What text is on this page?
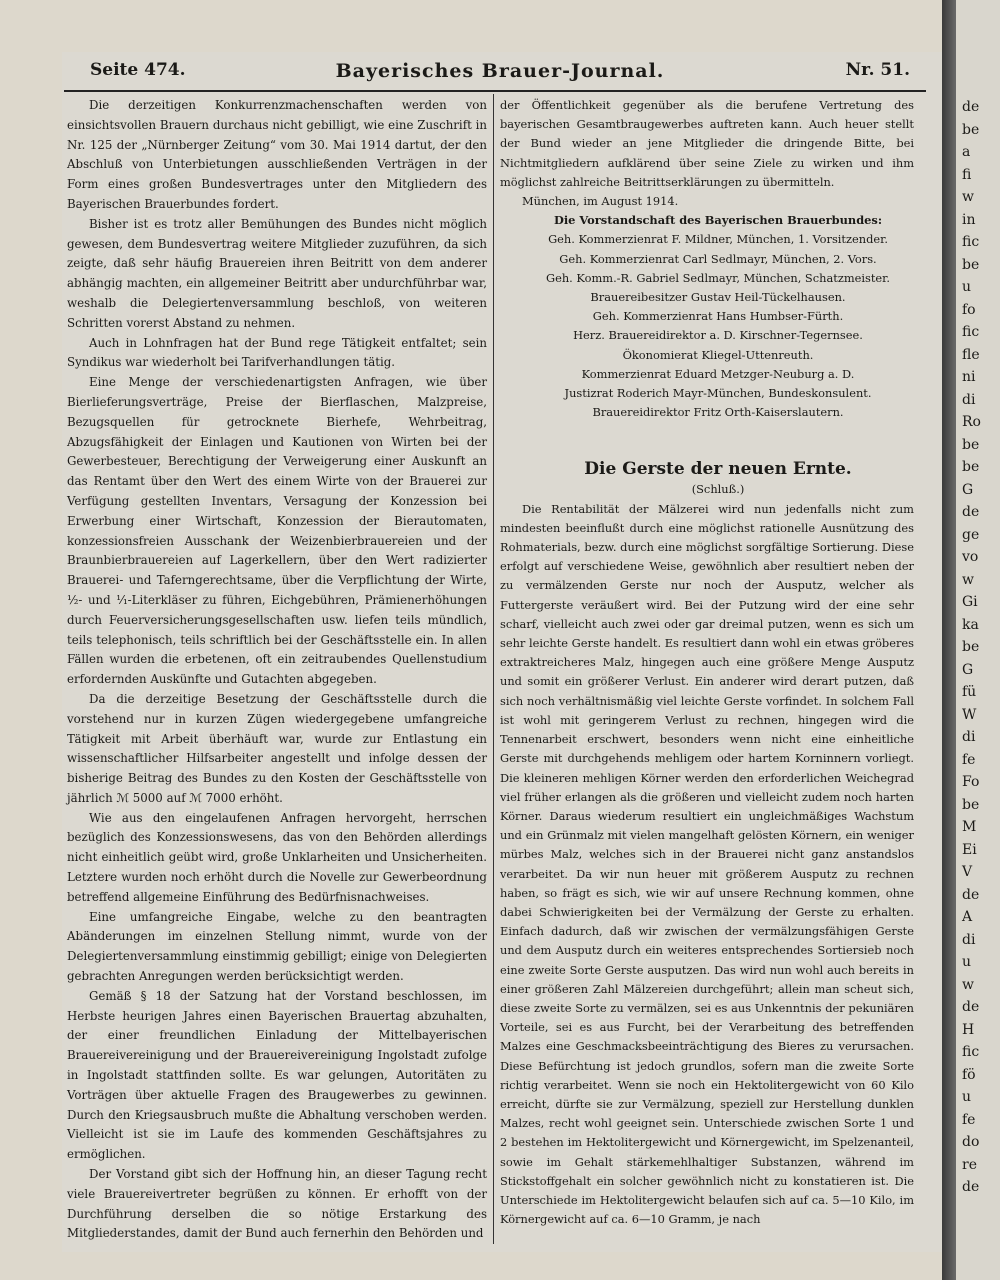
de
be
a
fi
w
in
fic
be
u
fo
fic
fle
ni
di
Ro
be
be
G
de
ge
vo
w
Gi
ka
be
G
fü
W
di
fe
Fo
be
M
Ei
V
de
A
di
u
w
de
H
fic
fö
u
fe
do
re
de
Bayerisches Brauer-Journal.
Seite 474.	Nr. 51.

Die derzeitigen Konkurrenzmachenschaften werden von einsichtsvollen Brauern durchaus nicht gebilligt, wie eine Zuschrift in Nr. 125 der „Nürnberger Zeitung“ vom 30. Mai 1914 dartut, der den Abschluß von Unterbietungen ausschließenden Verträgen in der Form eines großen Bundesvertrages unter den Mitgliedern des Bayerischen Brauerbundes fordert.

Bisher ist es trotz aller Bemühungen des Bundes nicht möglich gewesen, dem Bundesvertrag weitere Mitglieder zuzuführen, da sich zeigte, daß sehr häufig Brauereien ihren Beitritt von dem anderer abhängig machten, ein allgemeiner Beitritt aber undurchführbar war, weshalb die Delegiertenversammlung beschloß, von weiteren Schritten vorerst Abstand zu nehmen.

Auch in Lohnfragen hat der Bund rege Tätigkeit entfaltet; sein Syndikus war wiederholt bei Tarifverhandlungen tätig.

Eine Menge der verschiedenartigsten Anfragen, wie über Bierlieferungsverträge, Preise der Bierflaschen, Malzpreise, Bezugsquellen für getrocknete Bierhefe, Wehrbeitrag, Abzugsfähigkeit der Einlagen und Kautionen von Wirten bei der Gewerbesteuer, Berechtigung der Verweigerung einer Auskunft an das Rentamt über den Wert des einem Wirte von der Brauerei zur Verfügung gestellten Inventars, Versagung der Konzession bei Erwerbung einer Wirtschaft, Konzession der Bierautomaten, konzessionsfreien Ausschank der Weizenbierbrauereien und der Braunbierbrauereien auf Lagerkellern, über den Wert radizierter Brauerei- und Taferngerechtsame, über die Verpflichtung der Wirte, ½- und ⅟₁-Literkläser zu führen, Eichgebühren, Prämienerhöhungen durch Feuerversicherungsgesellschaften usw. liefen teils mündlich, teils telephonisch, teils schriftlich bei der Geschäftsstelle ein. In allen Fällen wurden die erbetenen, oft ein zeitraubendes Quellenstudium erfordernden Auskünfte und Gutachten abgegeben.

Da die derzeitige Besetzung der Geschäftsstelle durch die vorstehend nur in kurzen Zügen wiedergegebene umfangreiche Tätigkeit mit Arbeit überhäuft war, wurde zur Entlastung ein wissenschaftlicher Hilfsarbeiter angestellt und infolge dessen der bisherige Beitrag des Bundes zu den Kosten der Geschäftsstelle von jährlich ℳ 5000 auf ℳ 7000 erhöht.

Wie aus den eingelaufenen Anfragen hervorgeht, herrschen bezüglich des Konzessionswesens, das von den Behörden allerdings nicht einheitlich geübt wird, große Unklarheiten und Unsicherheiten. Letztere wurden noch erhöht durch die Novelle zur Gewerbeordnung betreffend allgemeine Einführung des Bedürfnisnachweises.

Eine umfangreiche Eingabe, welche zu den beantragten Abänderungen im einzelnen Stellung nimmt, wurde von der Delegiertenversammlung einstimmig gebilligt; einige von Delegierten gebrachten Anregungen werden berücksichtigt werden.

Gemäß § 18 der Satzung hat der Vorstand beschlossen, im Herbste heurigen Jahres einen Bayerischen Brauertag abzuhalten, der einer freundlichen Einladung der Mittelbayerischen Brauereivereinigung und der Brauereivereinigung Ingolstadt zufolge in Ingolstadt stattfinden sollte. Es war gelungen, Autoritäten zu Vorträgen über aktuelle Fragen des Braugewerbes zu gewinnen. Durch den Kriegsausbruch mußte die Abhaltung verschoben werden. Vielleicht ist sie im Laufe des kommenden Geschäftsjahres zu ermöglichen.

Der Vorstand gibt sich der Hoffnung hin, an dieser Tagung recht viele Brauereivertreter begrüßen zu können. Er erhofft von der Durchführung derselben die so nötige Erstarkung des Mitgliederstandes, damit der Bund auch fernerhin den Behörden und

der Öffentlichkeit gegenüber als die berufene Vertretung des bayerischen Gesamtbraugewerbes auftreten kann. Auch heuer stellt der Bund wieder an jene Mitglieder die dringende Bitte, bei Nichtmitgliedern aufklärend über seine Ziele zu wirken und ihm möglichst zahlreiche Beitrittserklärungen zu übermitteln.

München, im August 1914.

Die Vorstandschaft des Bayerischen Brauerbundes:

Geh. Kommerzienrat F. Mildner, München, 1. Vorsitzender.

Geh. Kommerzienrat Carl Sedlmayr, München, 2. Vors.

Geh. Komm.-R. Gabriel Sedlmayr, München, Schatzmeister.

Brauereibesitzer Gustav Heil-Tückelhausen.

Geh. Kommerzienrat Hans Humbser-Fürth.

Herz. Brauereidirektor a. D. Kirschner-Tegernsee.

Ökonomierat Kliegel-Uttenreuth.

Kommerzienrat Eduard Metzger-Neuburg a. D.

Justizrat Roderich Mayr-München, Bundeskonsulent.

Brauereidirektor Fritz Orth-Kaiserslautern.

Die Gerste der neuen Ernte.

(Schluß.)

Die Rentabilität der Mälzerei wird nun jedenfalls nicht zum mindesten beeinflußt durch eine möglichst rationelle Ausnützung des Rohmaterials, bezw. durch eine möglichst sorgfältige Sortierung. Diese erfolgt auf verschiedene Weise, gewöhnlich aber resultiert neben der zu vermälzenden Gerste nur noch der Ausputz, welcher als Futtergerste veräußert wird. Bei der Putzung wird der eine sehr scharf, vielleicht auch zwei oder gar dreimal putzen, wenn es sich um sehr leichte Gerste handelt. Es resultiert dann wohl ein etwas gröberes extraktreicheres Malz, hingegen auch eine größere Menge Ausputz und somit ein größerer Verlust. Ein anderer wird derart putzen, daß sich noch verhältnismäßig viel leichte Gerste vorfindet. In solchem Fall ist wohl mit geringerem Verlust zu rechnen, hingegen wird die Tennenarbeit erschwert, besonders wenn nicht eine einheitliche Gerste mit durchgehends mehligem oder hartem Korninnern vorliegt. Die kleineren mehligen Körner werden den erforderlichen Weichegrad viel früher erlangen als die größeren und vielleicht zudem noch harten Körner. Daraus wiederum resultiert ein ungleichmäßiges Wachstum und ein Grünmalz mit vielen mangelhaft gelösten Körnern, ein weniger mürbes Malz, welches sich in der Brauerei nicht ganz anstandslos verarbeitet. Da wir nun heuer mit größerem Ausputz zu rechnen haben, so frägt es sich, wie wir auf unsere Rechnung kommen, ohne dabei Schwierigkeiten bei der Vermälzung der Gerste zu erhalten. Einfach dadurch, daß wir zwischen der vermälzungsfähigen Gerste und dem Ausputz durch ein weiteres entsprechendes Sortiersieb noch eine zweite Sorte Gerste ausputzen. Das wird nun wohl auch bereits in einer größeren Zahl Mälzereien durchgeführt; allein man scheut sich, diese zweite Sorte zu vermälzen, sei es aus Unkenntnis der pekuniären Vorteile, sei es aus Furcht, bei der Verarbeitung des betreffenden Malzes eine Geschmacksbeeinträchtigung des Bieres zu verursachen. Diese Befürchtung ist jedoch grundlos, sofern man die zweite Sorte richtig verarbeitet. Wenn sie noch ein Hektolitergewicht von 60 Kilo erreicht, dürfte sie zur Vermälzung, speziell zur Herstellung dunklen Malzes, recht wohl geeignet sein. Unterschiede zwischen Sorte 1 und 2 bestehen im Hektolitergewicht und Körnergewicht, im Spelzenanteil, sowie im Gehalt stärkemehlhaltiger Substanzen, während im Stickstoffgehalt ein solcher gewöhnlich nicht zu konstatieren ist. Die Unterschiede im Hektolitergewicht belaufen sich auf ca. 5—10 Kilo, im Körnergewicht auf ca. 6—10 Gramm, je nach
